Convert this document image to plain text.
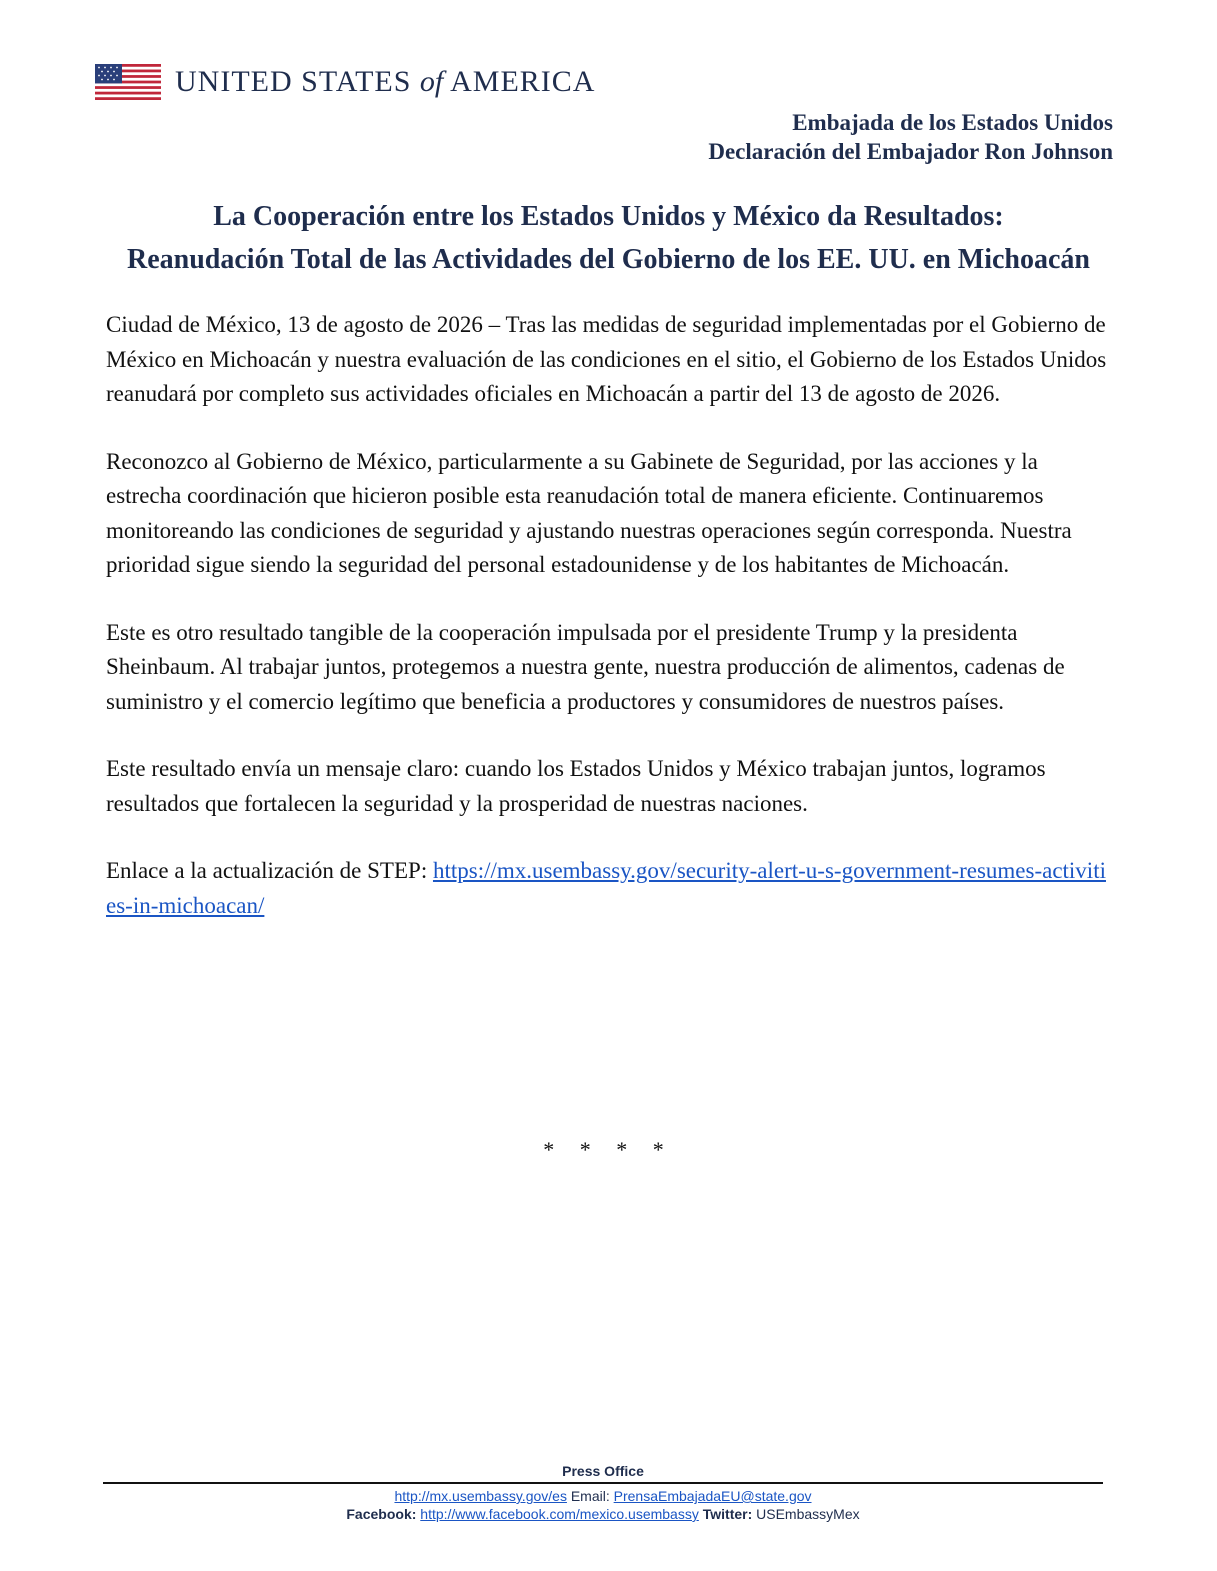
UNITED STATES of AMERICA
Embajada de los Estados Unidos
Declaración del Embajador Ron Johnson
La Cooperación entre los Estados Unidos y México da Resultados:
Reanudación Total de las Actividades del Gobierno de los EE. UU. en Michoacán

Ciudad de México, 13 de agosto de 2026 – Tras las medidas de seguridad implementadas por el Gobierno de México en Michoacán y nuestra evaluación de las condiciones en el sitio, el Gobierno de los Estados Unidos reanudará por completo sus actividades oficiales en Michoacán a partir del 13 de agosto de 2026.

Reconozco al Gobierno de México, particularmente a su Gabinete de Seguridad, por las acciones y la estrecha coordinación que hicieron posible esta reanudación total de manera eficiente. Continuaremos monitoreando las condiciones de seguridad y ajustando nuestras operaciones según corresponda. Nuestra prioridad sigue siendo la seguridad del personal estadounidense y de los habitantes de Michoacán.

Este es otro resultado tangible de la cooperación impulsada por el presidente Trump y la presidenta Sheinbaum. Al trabajar juntos, protegemos a nuestra gente, nuestra producción de alimentos, cadenas de suministro y el comercio legítimo que beneficia a productores y consumidores de nuestros países.

Este resultado envía un mensaje claro: cuando los Estados Unidos y México trabajan juntos, logramos resultados que fortalecen la seguridad y la prosperidad de nuestras naciones.

Enlace a la actualización de STEP: https://mx.usembassy.gov/security-alert-u-s-government-resumes-activities-in-michoacan/

* * * *
Press Office
http://mx.usembassy.gov/es Email: PrensaEmbajadaEU@state.gov
Facebook: http://www.facebook.com/mexico.usembassy Twitter: USEmbassyMex
